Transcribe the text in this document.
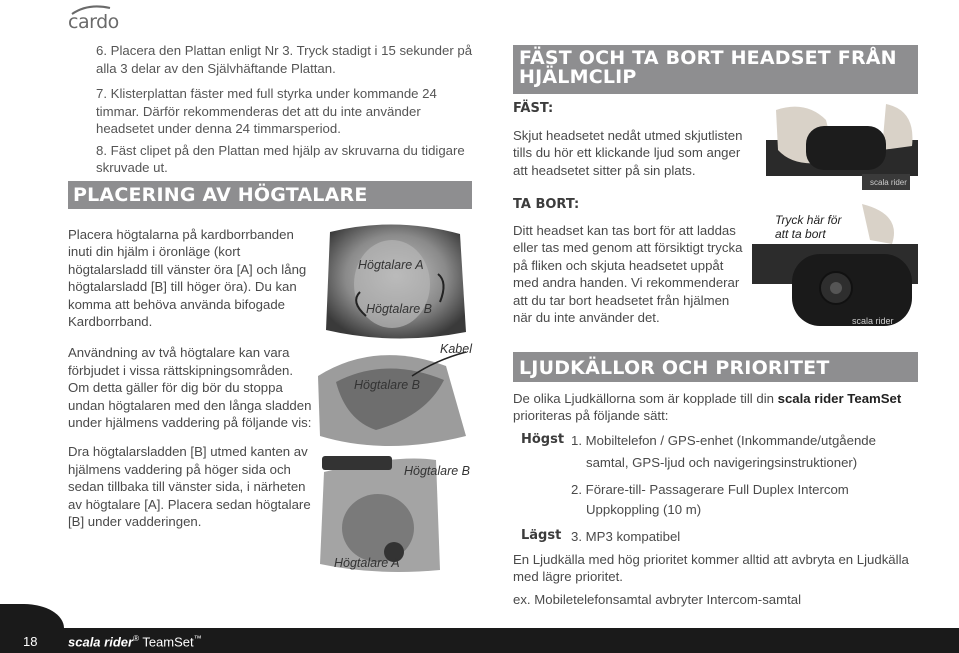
cardo

6. Placera den Plattan enligt Nr 3. Tryck stadigt i 15 sekunder på alla 3 delar av den Självhäftande Plattan.

7. Klisterplattan fäster med full styrka under kommande 24 timmar. Därför rekommenderas det att du inte använder headsetet under denna 24 timmarsperiod.

8. Fäst clipet på den Plattan med hjälp av skruvarna du tidigare skruvade ut.

PLACERING AV HÖGTALARE

Placera högtalarna på kardborrbanden inuti din hjälm i öronläge (kort högtalarsladd till vänster öra [A] och lång högtalarsladd [B] till höger öra). Du kan komma att behöva använda bifogade Kardborrband.

Användning av två högtalare kan vara förbjudet i vissa rättskipningsområden. Om detta gäller för dig bör du stoppa undan högtalaren med den långa sladden under hjälmens vaddering på följande vis:

Dra högtalarsladden [B] utmed kanten av hjälmens vaddering på höger sida och sedan tillbaka till vänster sida, i närheten av högtalare [A]. Placera sedan högtalare [B] under vadderingen.

Högtalare A
Högtalare B
Högtalare B
Kabel
Högtalare B
Högtalare A
FÄST OCH TA BORT HEADSET FRÅN HJÄLMCLIP
FÄST:
Skjut headsetet nedåt utmed skjutlisten tills du hör ett klickande ljud som anger att headsetet sitter på sin plats.
TA BORT:
Ditt headset kan tas bort för att laddas eller tas med genom att försiktigt trycka på fliken och skjuta headsetet uppåt med andra handen. Vi rekommenderar att du tar bort headsetet från hjälmen när du inte använder det.
scala rider
scala rider
Tryck här för
att ta bort
LJUDKÄLLOR OCH PRIORITET
De olika Ljudkällorna som är kopplade till din scala rider TeamSet
prioriteras på följande sätt:
Högst 1. Mobiltelefon / GPS-enhet (Inkommande/utgående
samtal, GPS-ljud och navigeringsinstruktioner)
2. Förare-till- Passagerare Full Duplex Intercom
Uppkoppling (10 m)
Lägst 3. MP3 kompatibel
En Ljudkälla med hög prioritet kommer alltid att avbryta en Ljudkälla med lägre prioritet.
ex. Mobiletelefonsamtal avbryter Intercom-samtal
18 scala rider® TeamSet™
